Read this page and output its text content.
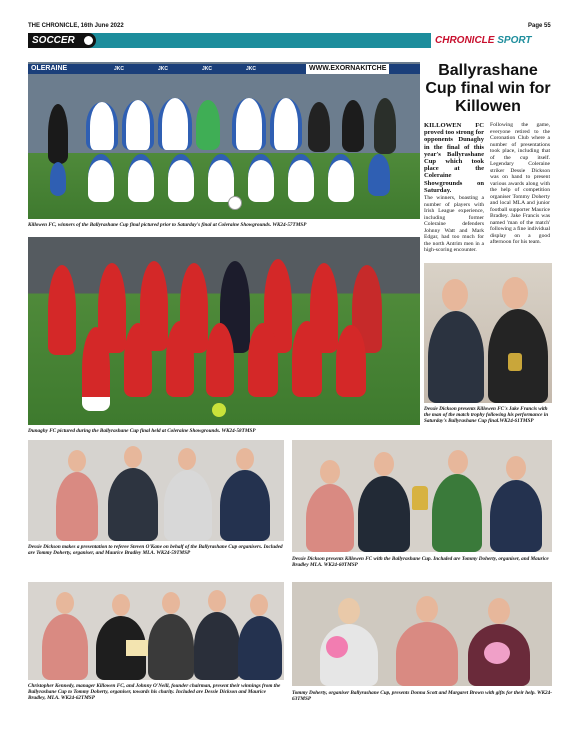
THE CHRONICLE, 16th June 2022	Page 55
SOCCER	CHRONICLE SPORT
OLERAINE	JKC	JKC	JKC	JKC	WWW.EXORNAKITCHE
Killowen FC, winners of the Ballyrashane Cup final pictured prior to Saturday's final at Coleraine Showgrounds. WK24-57TMSP
Ballyrashane Cup final win for Killowen
KILLOWEN FC proved too strong for opponents Dunaghy in the final of this year's Ballyrashane Cup which took place at the Coleraine Showgrounds on Saturday.
The winners, boasting a number of players with Irish League experience, including former Coleraine defenders Johnny Watt and Mark Edgar, had too much for the north Antrim men in a high-scoring encounter.
Following the game, everyone retired to the Coronation Club where a number of presentations took place, including that of the cup itself. Legendary Coleraine striker Dessie Dickson was on hand to present various awards along with the help of competition organiser Tommy Doherty and local MLA and junior football supporter Maurice Bradley. Jake Francis was named 'man of the match' following a fine individual display on a good afternoon for his team.
Dunaghy FC pictured during the Ballyrashane Cup final held at Coleraine Showgrounds. WK24-58TMSP
Dessie Dickson presents Killowen FC's Jake Francis with the man of the match trophy following his performance in Saturday's Ballyrashane Cup final.WK24-61TMSP
Dessie Dickson makes a presentation to referee Steven O'Kane on behalf of the Ballyrashane Cup organisers. Included are Tommy Doherty, organiser, and Maurice Bradley MLA. WK24-59TMSP
Dessie Dickson presents Killowen FC with the Ballyrashane Cup. Included are Tommy Doherty, organiser, and Maurice Bradley MLA. WK24-60TMSP
Christopher Kennedy, manager Killowen FC, and Johnny O'Neill, founder chairman, present their winnings from the Ballyrashane Cup to Tommy Doherty, organiser, towards his charity. Included are Dessie Dickson and Maurice Bradley, MLA. WK24-62TMSP
Tommy Doherty, organiser Ballyrashane Cup, presents Donna Scott and Margaret Brown with gifts for their help. WK24-63TMSP
